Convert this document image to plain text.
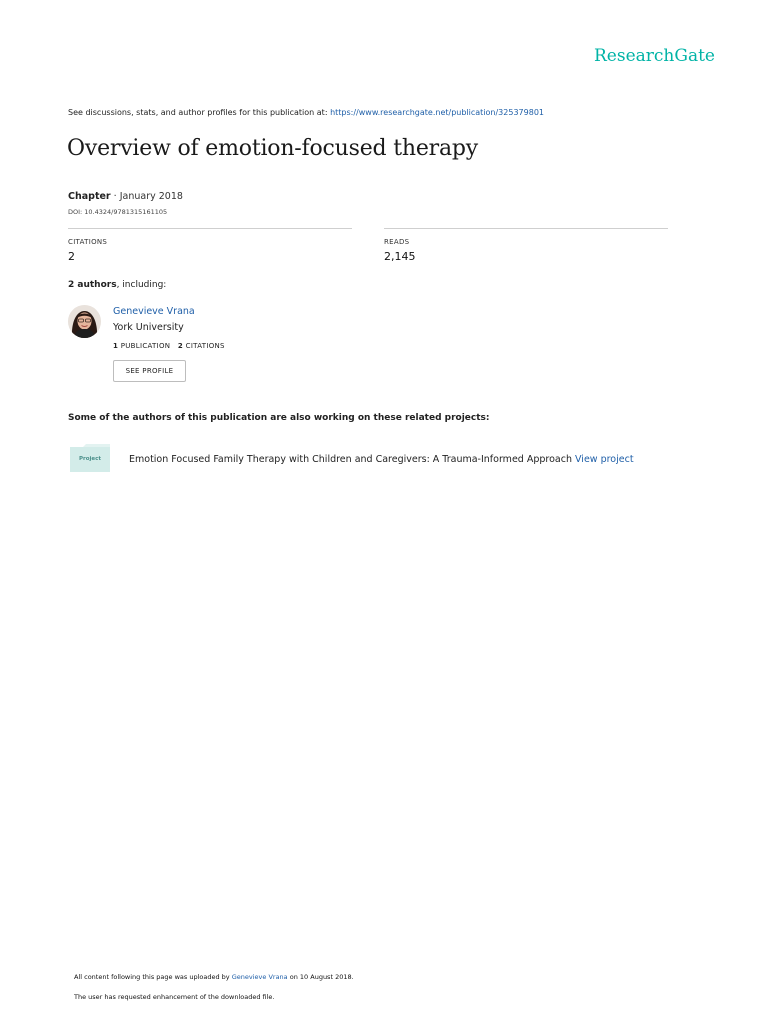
ResearchGate
See discussions, stats, and author profiles for this publication at: https://www.researchgate.net/publication/325379801
Overview of emotion-focused therapy
Chapter · January 2018
DOI: 10.4324/9781315161105
CITATIONS
2
READS
2,145
2 authors, including:
Genevieve Vrana
York University
1 PUBLICATION 2 CITATIONS
SEE PROFILE
Some of the authors of this publication are also working on these related projects:
Project	Emotion Focused Family Therapy with Children and Caregivers: A Trauma-Informed Approach View project
All content following this page was uploaded by Genevieve Vrana on 10 August 2018.
The user has requested enhancement of the downloaded file.
